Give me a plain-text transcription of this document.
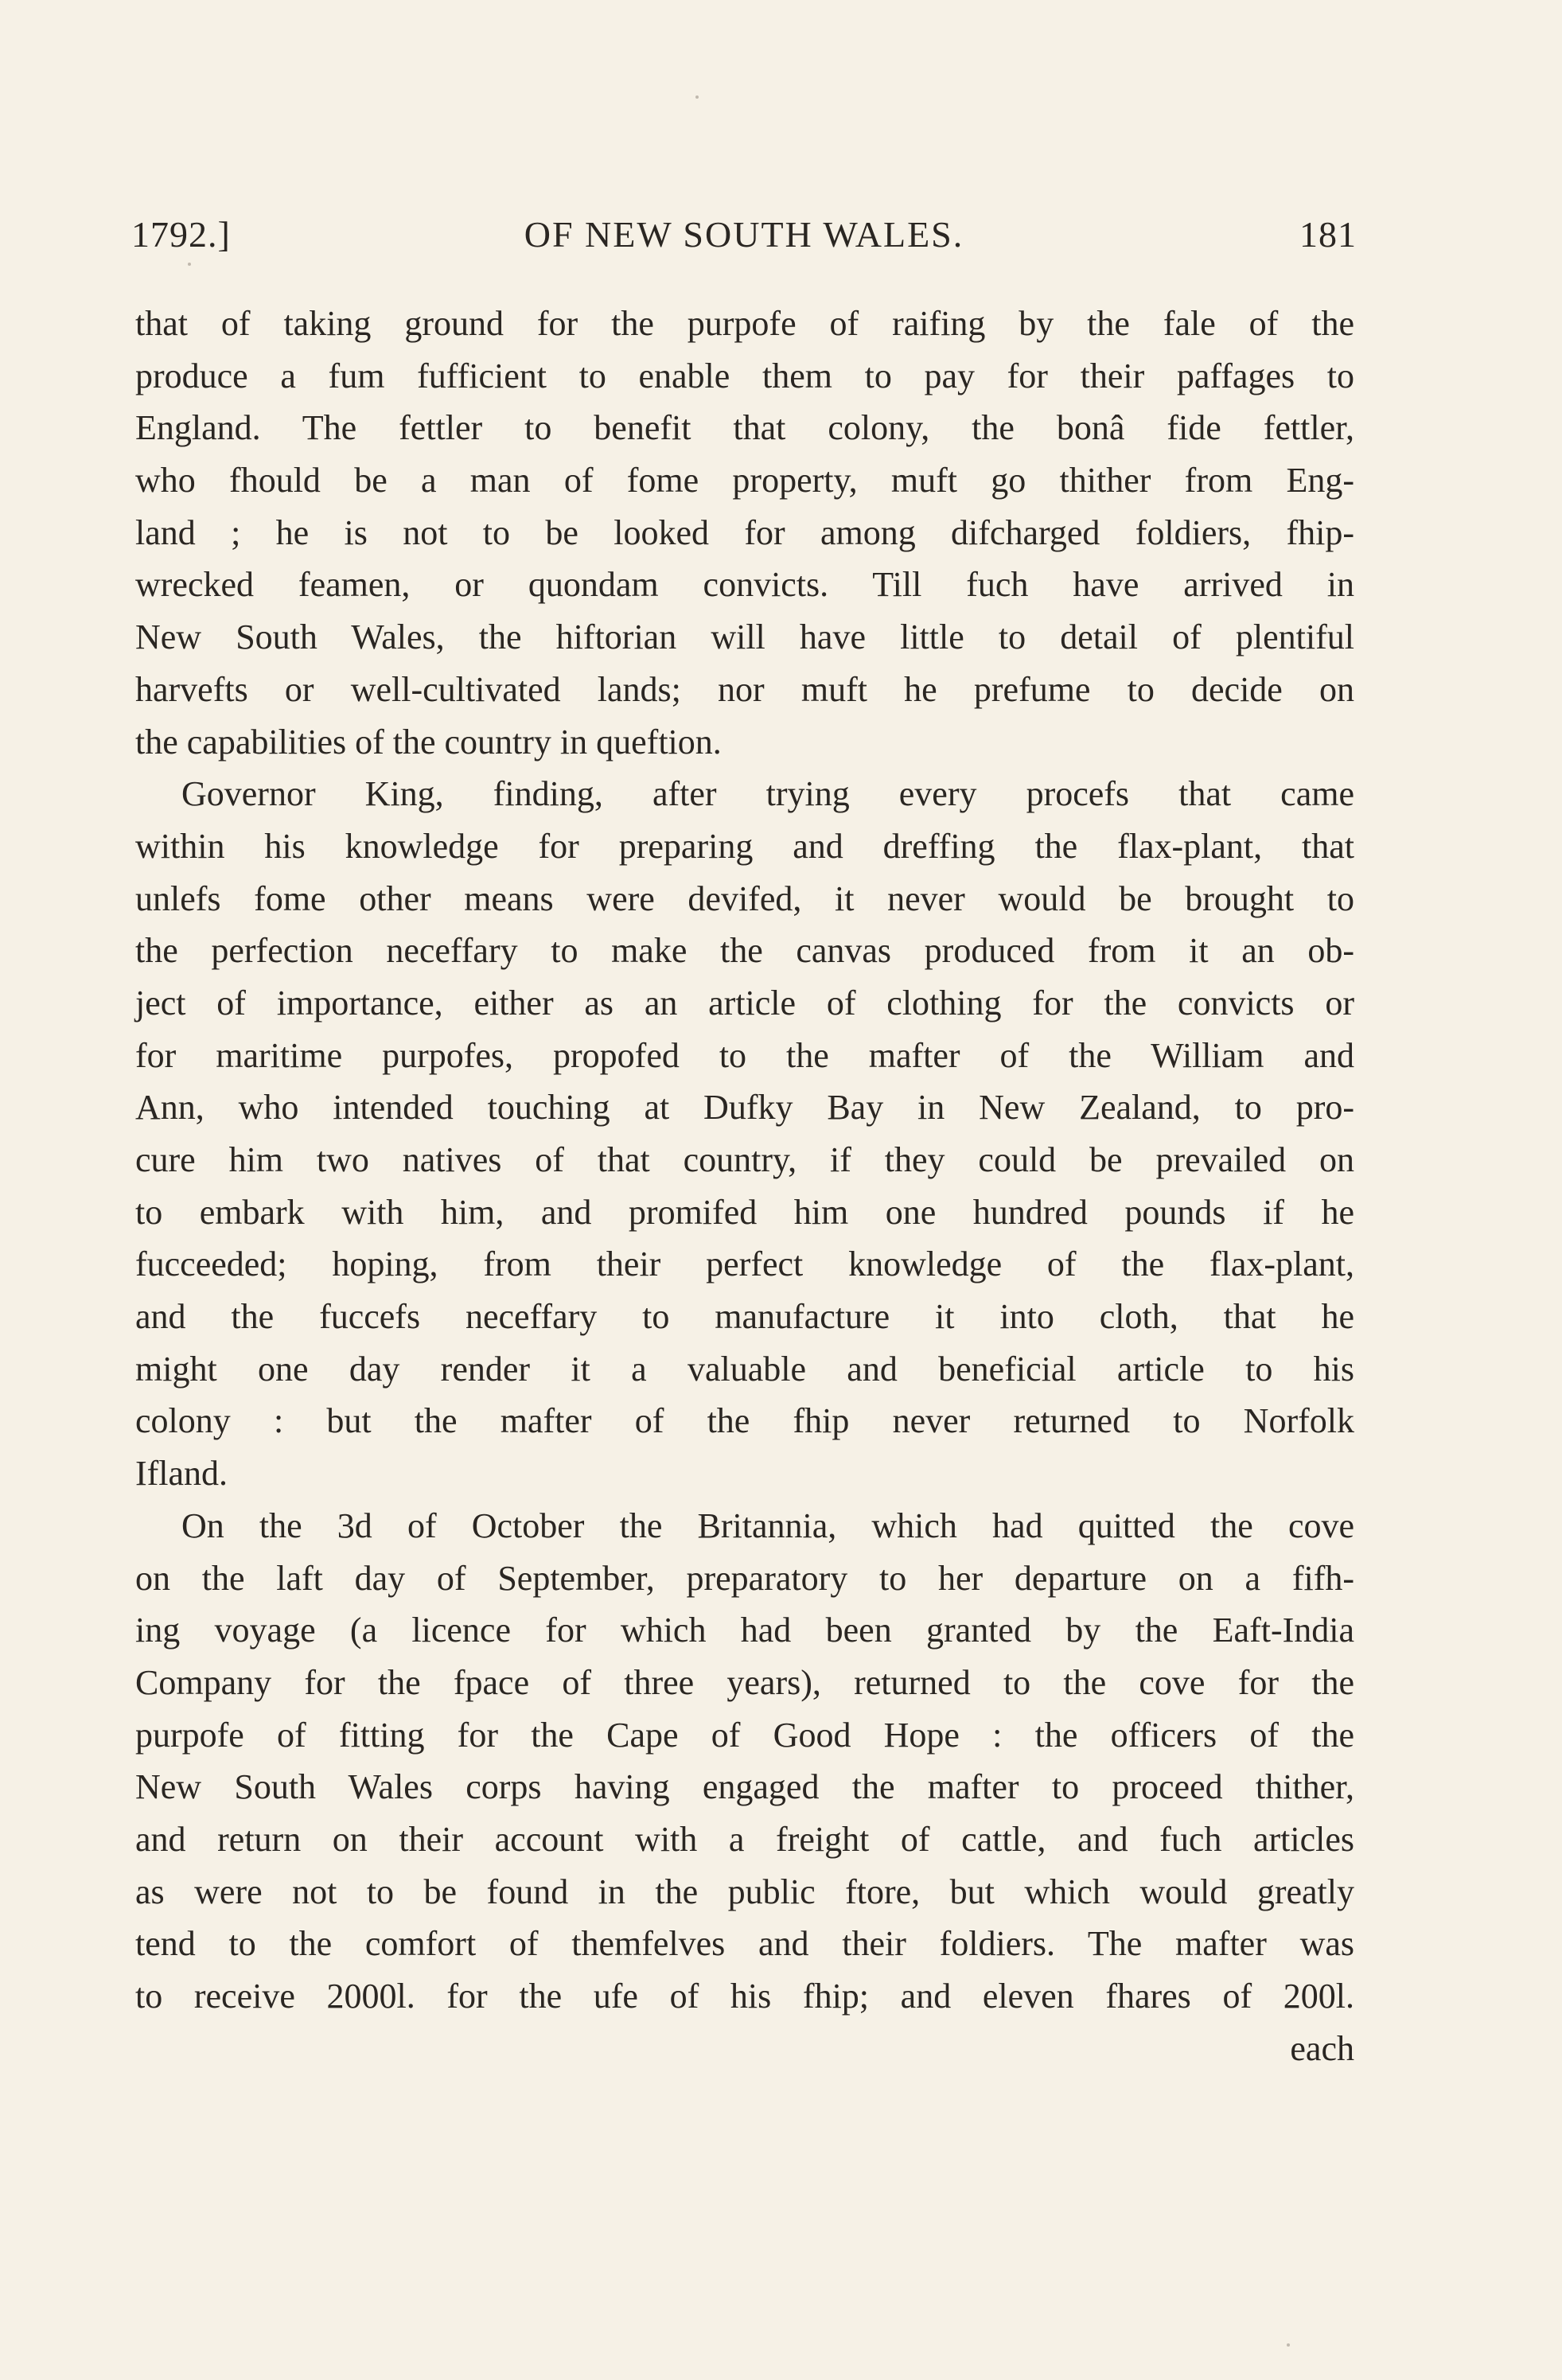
1792.]	OF NEW SOUTH WALES.	181
that of taking ground for the purpofe of raifing by the fale of the
produce a fum fufficient to enable them to pay for their paffages to
England. The fettler to benefit that colony, the bonâ fide fettler,
who fhould be a man of fome property, muft go thither from Eng-
land ; he is not to be looked for among difcharged foldiers, fhip-
wrecked feamen, or quondam convicts. Till fuch have arrived in
New South Wales, the hiftorian will have little to detail of plentiful
harvefts or well-cultivated lands; nor muft he prefume to decide on
the capabilities of the country in queftion.
Governor King, finding, after trying every procefs that came
within his knowledge for preparing and dreffing the flax-plant, that
unlefs fome other means were devifed, it never would be brought to
the perfection neceffary to make the canvas produced from it an ob-
ject of importance, either as an article of clothing for the convicts or
for maritime purpofes, propofed to the mafter of the William and
Ann, who intended touching at Dufky Bay in New Zealand, to pro-
cure him two natives of that country, if they could be prevailed on
to embark with him, and promifed him one hundred pounds if he
fucceeded; hoping, from their perfect knowledge of the flax-plant,
and the fuccefs neceffary to manufacture it into cloth, that he
might one day render it a valuable and beneficial article to his
colony : but the mafter of the fhip never returned to Norfolk
Ifland.
On the 3d of October the Britannia, which had quitted the cove
on the laft day of September, preparatory to her departure on a fifh-
ing voyage (a licence for which had been granted by the Eaft-India
Company for the fpace of three years), returned to the cove for the
purpofe of fitting for the Cape of Good Hope : the officers of the
New South Wales corps having engaged the mafter to proceed thither,
and return on their account with a freight of cattle, and fuch articles
as were not to be found in the public ftore, but which would greatly
tend to the comfort of themfelves and their foldiers. The mafter was
to receive 2000l. for the ufe of his fhip; and eleven fhares of 200l.
each
